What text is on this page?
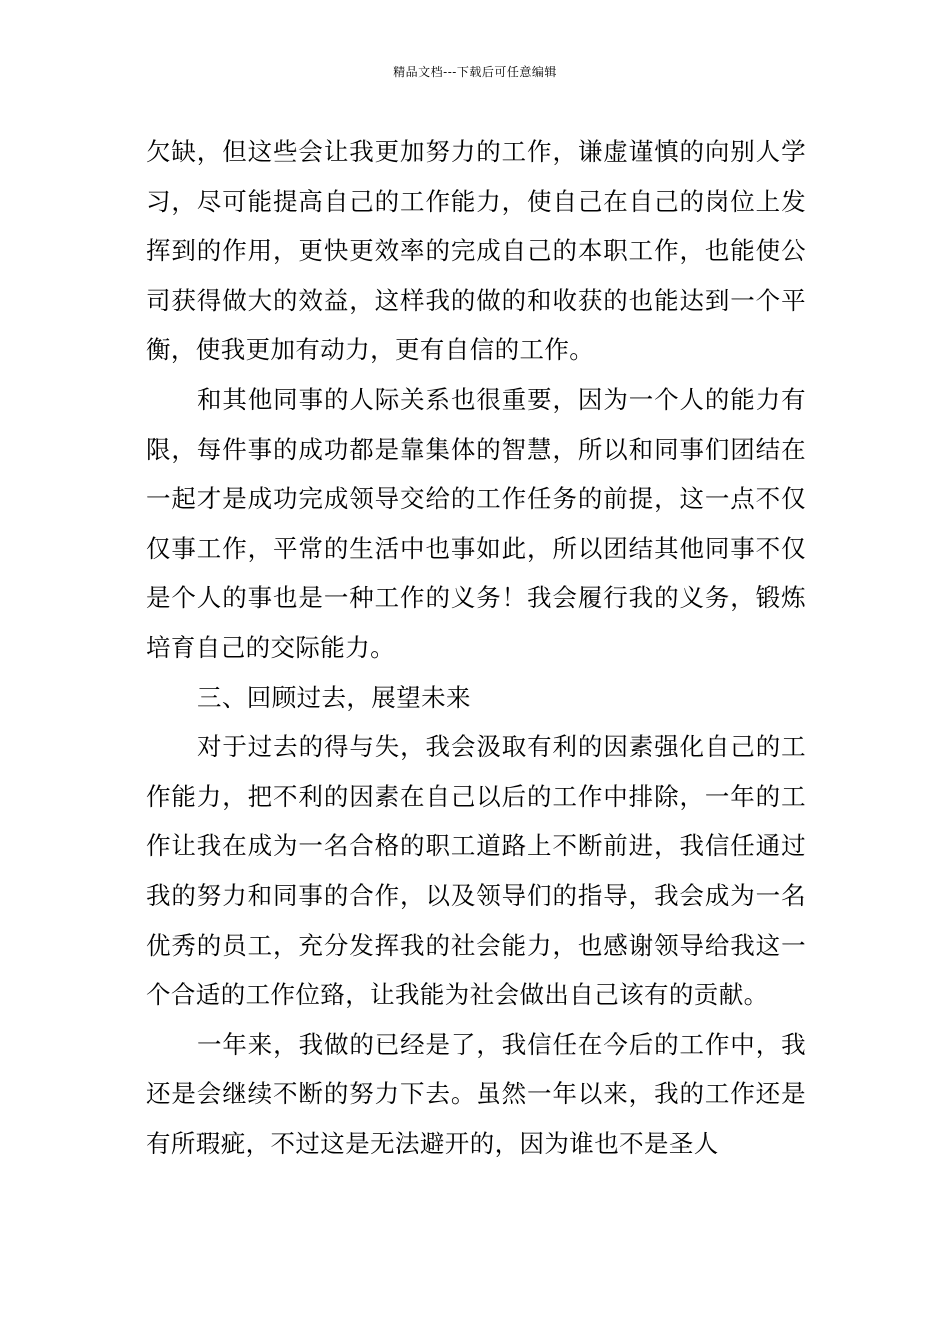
精品文档---下载后可任意编辑

欠缺，但这些会让我更加努力的工作，谦虚谨慎的向别人学习，尽可能提高自己的工作能力，使自己在自己的岗位上发挥到的作用，更快更效率的完成自己的本职工作，也能使公司获得做大的效益，这样我的做的和收获的也能达到一个平衡，使我更加有动力，更有自信的工作。

和其他同事的人际关系也很重要，因为一个人的能力有限，每件事的成功都是靠集体的智慧，所以和同事们团结在一起才是成功完成领导交给的工作任务的前提，这一点不仅仅事工作，平常的生活中也事如此，所以团结其他同事不仅是个人的事也是一种工作的义务！我会履行我的义务，锻炼培育自己的交际能力。

三、回顾过去，展望未来

对于过去的得与失，我会汲取有利的因素强化自己的工作能力，把不利的因素在自己以后的工作中排除，一年的工作让我在成为一名合格的职工道路上不断前进，我信任通过我的努力和同事的合作，以及领导们的指导，我会成为一名优秀的员工，充分发挥我的社会能力，也感谢领导给我这一个合适的工作位臵，让我能为社会做出自己该有的贡献。

一年来，我做的已经是了，我信任在今后的工作中，我还是会继续不断的努力下去。虽然一年以来，我的工作还是有所瑕疵，不过这是无法避开的，因为谁也不是圣人
